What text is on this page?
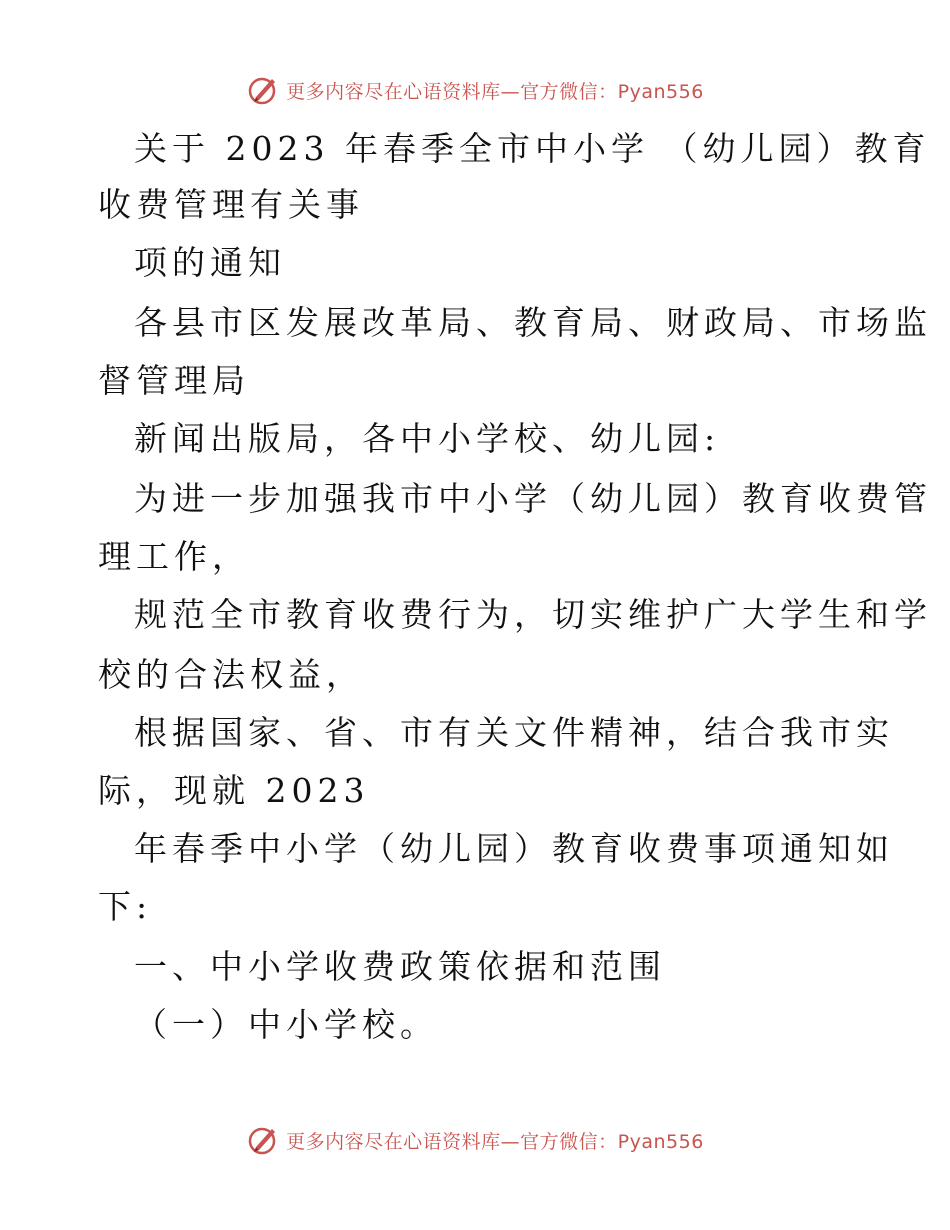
更多内容尽在心语资料库—官方微信：Pyan556
关于 2023 年春季全市中小学 （幼儿园）教育
收费管理有关事
项的通知
各县市区发展改革局、教育局、财政局、市场监
督管理局
新闻出版局，各中小学校、幼儿园:
为进一步加强我市中小学（幼儿园）教育收费管
理工作，
规范全市教育收费行为，切实维护广大学生和学
校的合法权益，
根据国家、省、市有关文件精神，结合我市实
际，现就 2023
年春季中小学（幼儿园）教育收费事项通知如
下:
一、中小学收费政策依据和范围
（一）中小学校。
更多内容尽在心语资料库—官方微信：Pyan556
